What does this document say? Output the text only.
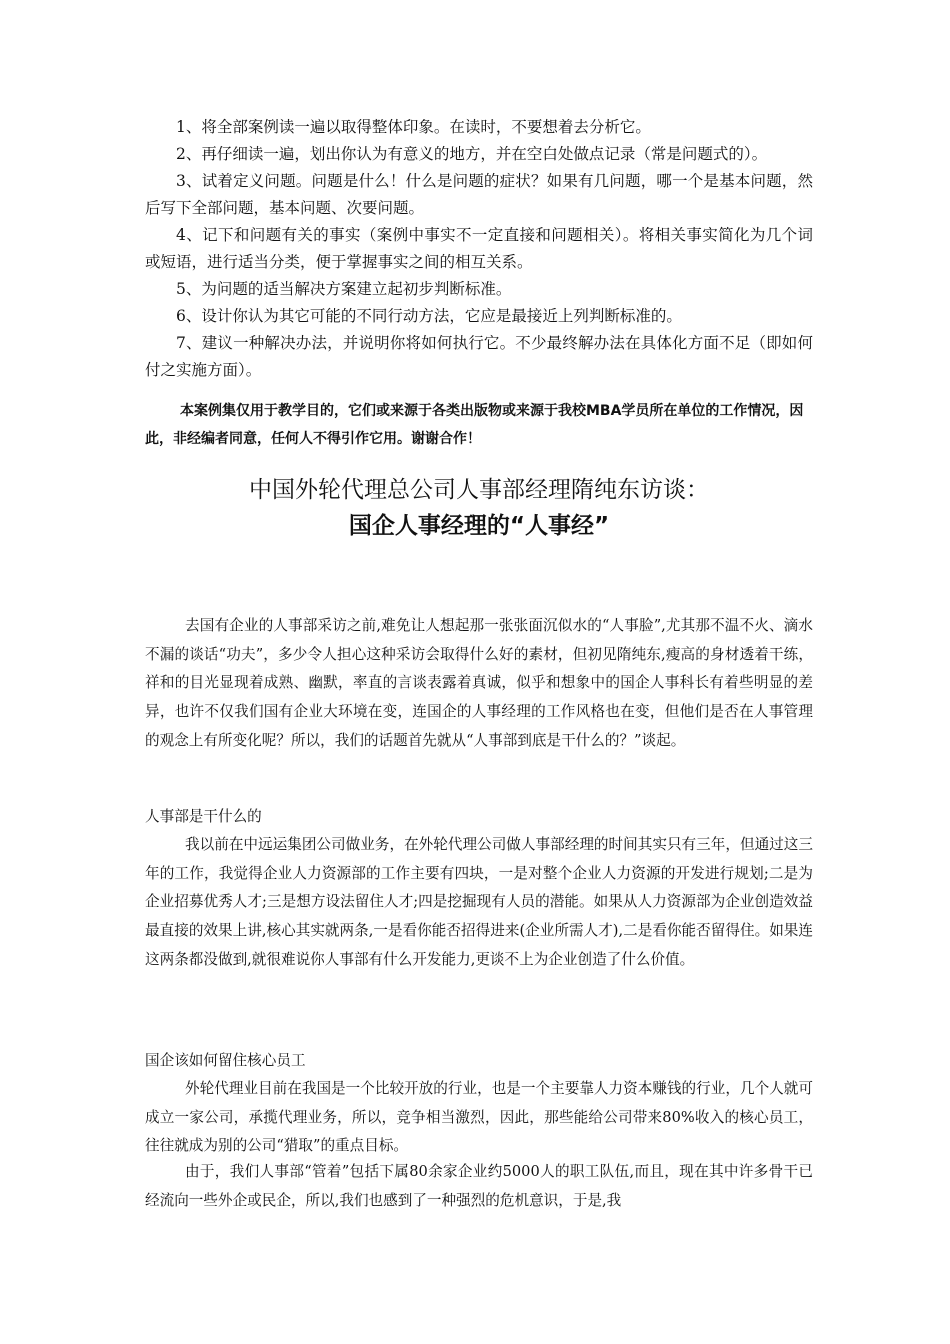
1、将全部案例读一遍以取得整体印象。在读时，不要想着去分析它。

2、再仔细读一遍，划出你认为有意义的地方，并在空白处做点记录（常是问题式的）。

3、试着定义问题。问题是什么！什么是问题的症状？如果有几问题，哪一个是基本问题，然后写下全部问题，基本问题、次要问题。

4、记下和问题有关的事实（案例中事实不一定直接和问题相关）。将相关事实简化为几个词或短语，进行适当分类，便于掌握事实之间的相互关系。

5、为问题的适当解决方案建立起初步判断标准。

6、设计你认为其它可能的不同行动方法，它应是最接近上列判断标准的。

7、建议一种解决办法，并说明你将如何执行它。不少最终解办法在具体化方面不足（即如何付之实施方面）。

本案例集仅用于教学目的，它们或来源于各类出版物或来源于我校MBA学员所在单位的工作情况，因此，非经编者同意，任何人不得引作它用。谢谢合作！

中国外轮代理总公司人事部经理隋纯东访谈：
国企人事经理的“人事经”

去国有企业的人事部采访之前,难免让人想起那一张张面沉似水的“人事脸”,尤其那不温不火、滴水不漏的谈话“功夫”，多少令人担心这种采访会取得什么好的素材，但初见隋纯东,瘦高的身材透着干练，祥和的目光显现着成熟、幽默，率直的言谈表露着真诚，似乎和想象中的国企人事科长有着些明显的差异，也许不仅我们国有企业大环境在变，连国企的人事经理的工作风格也在变，但他们是否在人事管理的观念上有所变化呢？所以，我们的话题首先就从“人事部到底是干什么的？”谈起。

人事部是干什么的

我以前在中远运集团公司做业务，在外轮代理公司做人事部经理的时间其实只有三年，但通过这三年的工作，我觉得企业人力资源部的工作主要有四块，一是对整个企业人力资源的开发进行规划;二是为企业招募优秀人才;三是想方设法留住人才;四是挖掘现有人员的潜能。如果从人力资源部为企业创造效益最直接的效果上讲,核心其实就两条,一是看你能否招得进来(企业所需人才),二是看你能否留得住。如果连这两条都没做到,就很难说你人事部有什么开发能力,更谈不上为企业创造了什么价值。

国企该如何留住核心员工

外轮代理业目前在我国是一个比较开放的行业，也是一个主要靠人力资本赚钱的行业，几个人就可成立一家公司，承揽代理业务，所以，竞争相当激烈，因此，那些能给公司带来80%收入的核心员工，往往就成为别的公司“猎取”的重点目标。

由于，我们人事部“管着”包括下属80余家企业约5000人的职工队伍,而且，现在其中许多骨干已经流向一些外企或民企，所以,我们也感到了一种强烈的危机意识，于是,我
